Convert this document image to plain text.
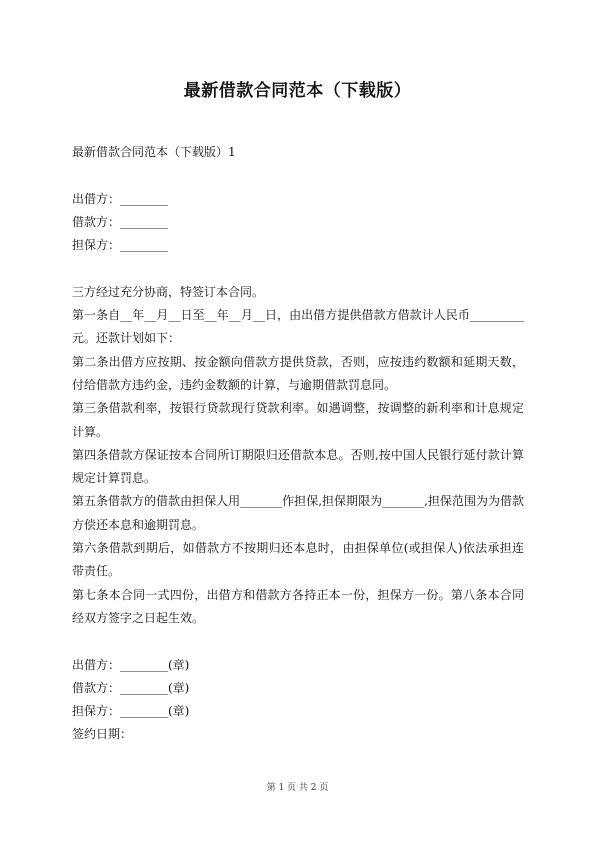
最新借款合同范本（下载版）
最新借款合同范本（下载版）1
出借方：________
借款方：________
担保方：________
三方经过充分协商，特签订本合同。

第一条自__年__月__日至__年__月__日，由出借方提供借款方借款计人民币_________元。还款计划如下：

第二条出借方应按期、按金额向借款方提供贷款，否则，应按违约数额和延期天数，付给借款方违约金，违约金数额的计算，与逾期借款罚息同。

第三条借款利率，按银行贷款现行贷款利率。如遇调整，按调整的新利率和计息规定计算。

第四条借款方保证按本合同所订期限归还借款本息。否则,按中国人民银行延付款计算规定计算罚息。

第五条借款方的借款由担保人用_______作担保,担保期限为_______,担保范围为为借款方偿还本息和逾期罚息。

第六条借款到期后，如借款方不按期归还本息时，由担保单位(或担保人)依法承担连带责任。

第七条本合同一式四份，出借方和借款方各持正本一份，担保方一份。第八条本合同经双方签字之日起生效。

出借方：________(章)
借款方：________(章)
担保方：________(章)
签约日期：
第 1 页 共 2 页
